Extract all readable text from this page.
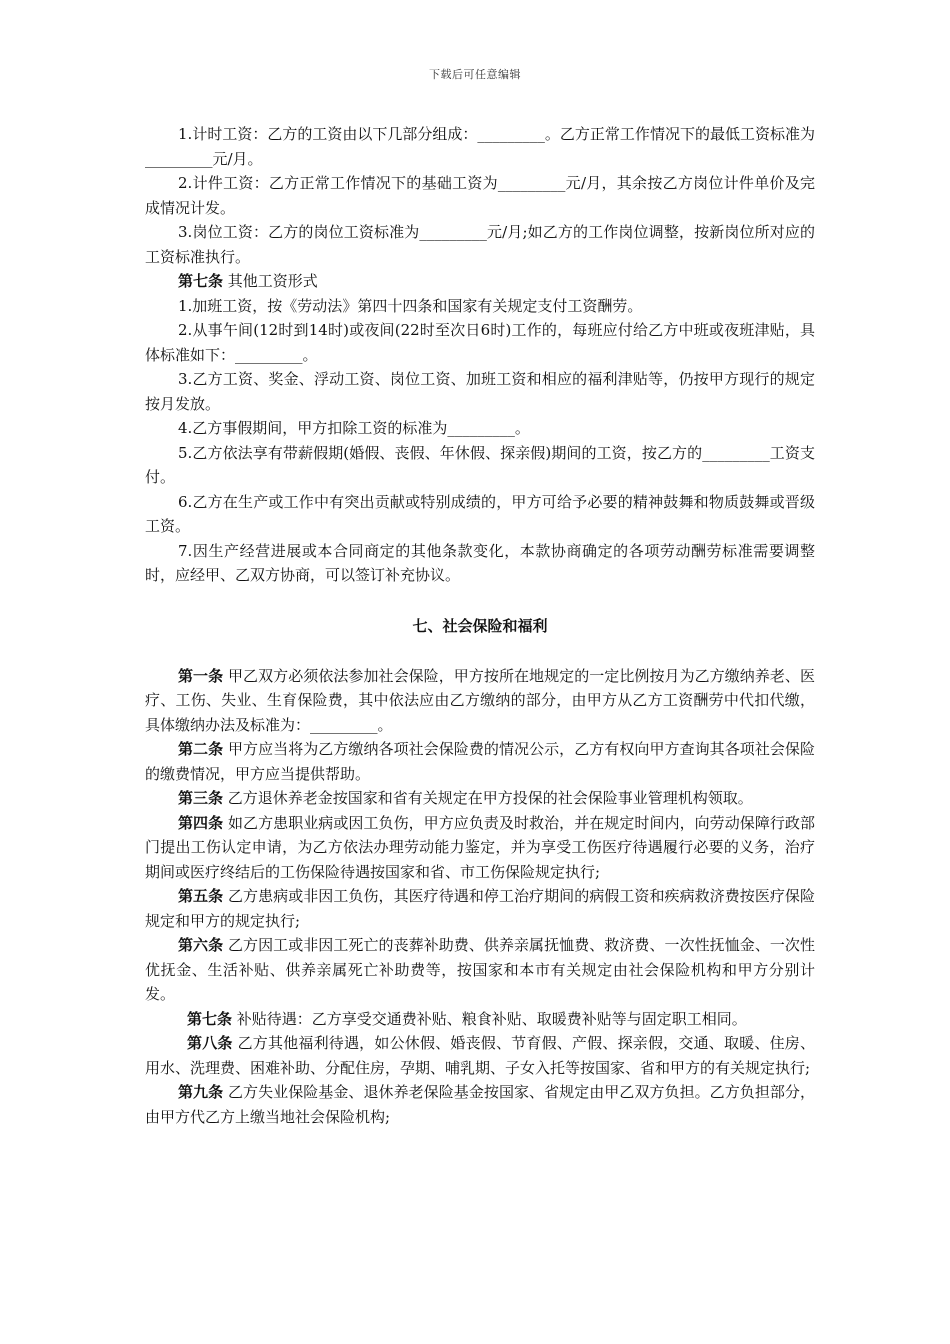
下载后可任意编辑

1.计时工资：乙方的工资由以下几部分组成：_________。乙方正常工作情况下的最低工资标准为_________元/月。

2.计件工资：乙方正常工作情况下的基础工资为_________元/月，其余按乙方岗位计件单价及完成情况计发。

3.岗位工资：乙方的岗位工资标准为_________元/月;如乙方的工作岗位调整，按新岗位所对应的工资标准执行。

第七条 其他工资形式

1.加班工资，按《劳动法》第四十四条和国家有关规定支付工资酬劳。

2.从事午间(12时到14时)或夜间(22时至次日6时)工作的，每班应付给乙方中班或夜班津贴，具体标准如下：_________。

3.乙方工资、奖金、浮动工资、岗位工资、加班工资和相应的福利津贴等，仍按甲方现行的规定按月发放。

4.乙方事假期间，甲方扣除工资的标准为_________。

5.乙方依法享有带薪假期(婚假、丧假、年休假、探亲假)期间的工资，按乙方的_________工资支付。

6.乙方在生产或工作中有突出贡献或特别成绩的，甲方可给予必要的精神鼓舞和物质鼓舞或晋级工资。

7.因生产经营进展或本合同商定的其他条款变化，本款协商确定的各项劳动酬劳标准需要调整时，应经甲、乙双方协商，可以签订补充协议。

七、社会保险和福利

第一条 甲乙双方必须依法参加社会保险，甲方按所在地规定的一定比例按月为乙方缴纳养老、医疗、工伤、失业、生育保险费，其中依法应由乙方缴纳的部分，由甲方从乙方工资酬劳中代扣代缴，具体缴纳办法及标准为：_________。

第二条 甲方应当将为乙方缴纳各项社会保险费的情况公示，乙方有权向甲方查询其各项社会保险的缴费情况，甲方应当提供帮助。

第三条 乙方退休养老金按国家和省有关规定在甲方投保的社会保险事业管理机构领取。

第四条 如乙方患职业病或因工负伤，甲方应负责及时救治，并在规定时间内，向劳动保障行政部门提出工伤认定申请，为乙方依法办理劳动能力鉴定，并为享受工伤医疗待遇履行必要的义务，治疗期间或医疗终结后的工伤保险待遇按国家和省、市工伤保险规定执行;

第五条 乙方患病或非因工负伤，其医疗待遇和停工治疗期间的病假工资和疾病救济费按医疗保险规定和甲方的规定执行;

第六条 乙方因工或非因工死亡的丧葬补助费、供养亲属抚恤费、救济费、一次性抚恤金、一次性优抚金、生活补贴、供养亲属死亡补助费等，按国家和本市有关规定由社会保险机构和甲方分别计发。

第七条 补贴待遇：乙方享受交通费补贴、粮食补贴、取暖费补贴等与固定职工相同。

第八条 乙方其他福利待遇，如公休假、婚丧假、节育假、产假、探亲假，交通、取暖、住房、用水、洗理费、困难补助、分配住房，孕期、哺乳期、子女入托等按国家、省和甲方的有关规定执行;

第九条 乙方失业保险基金、退休养老保险基金按国家、省规定由甲乙双方负担。乙方负担部分，由甲方代乙方上缴当地社会保险机构;
